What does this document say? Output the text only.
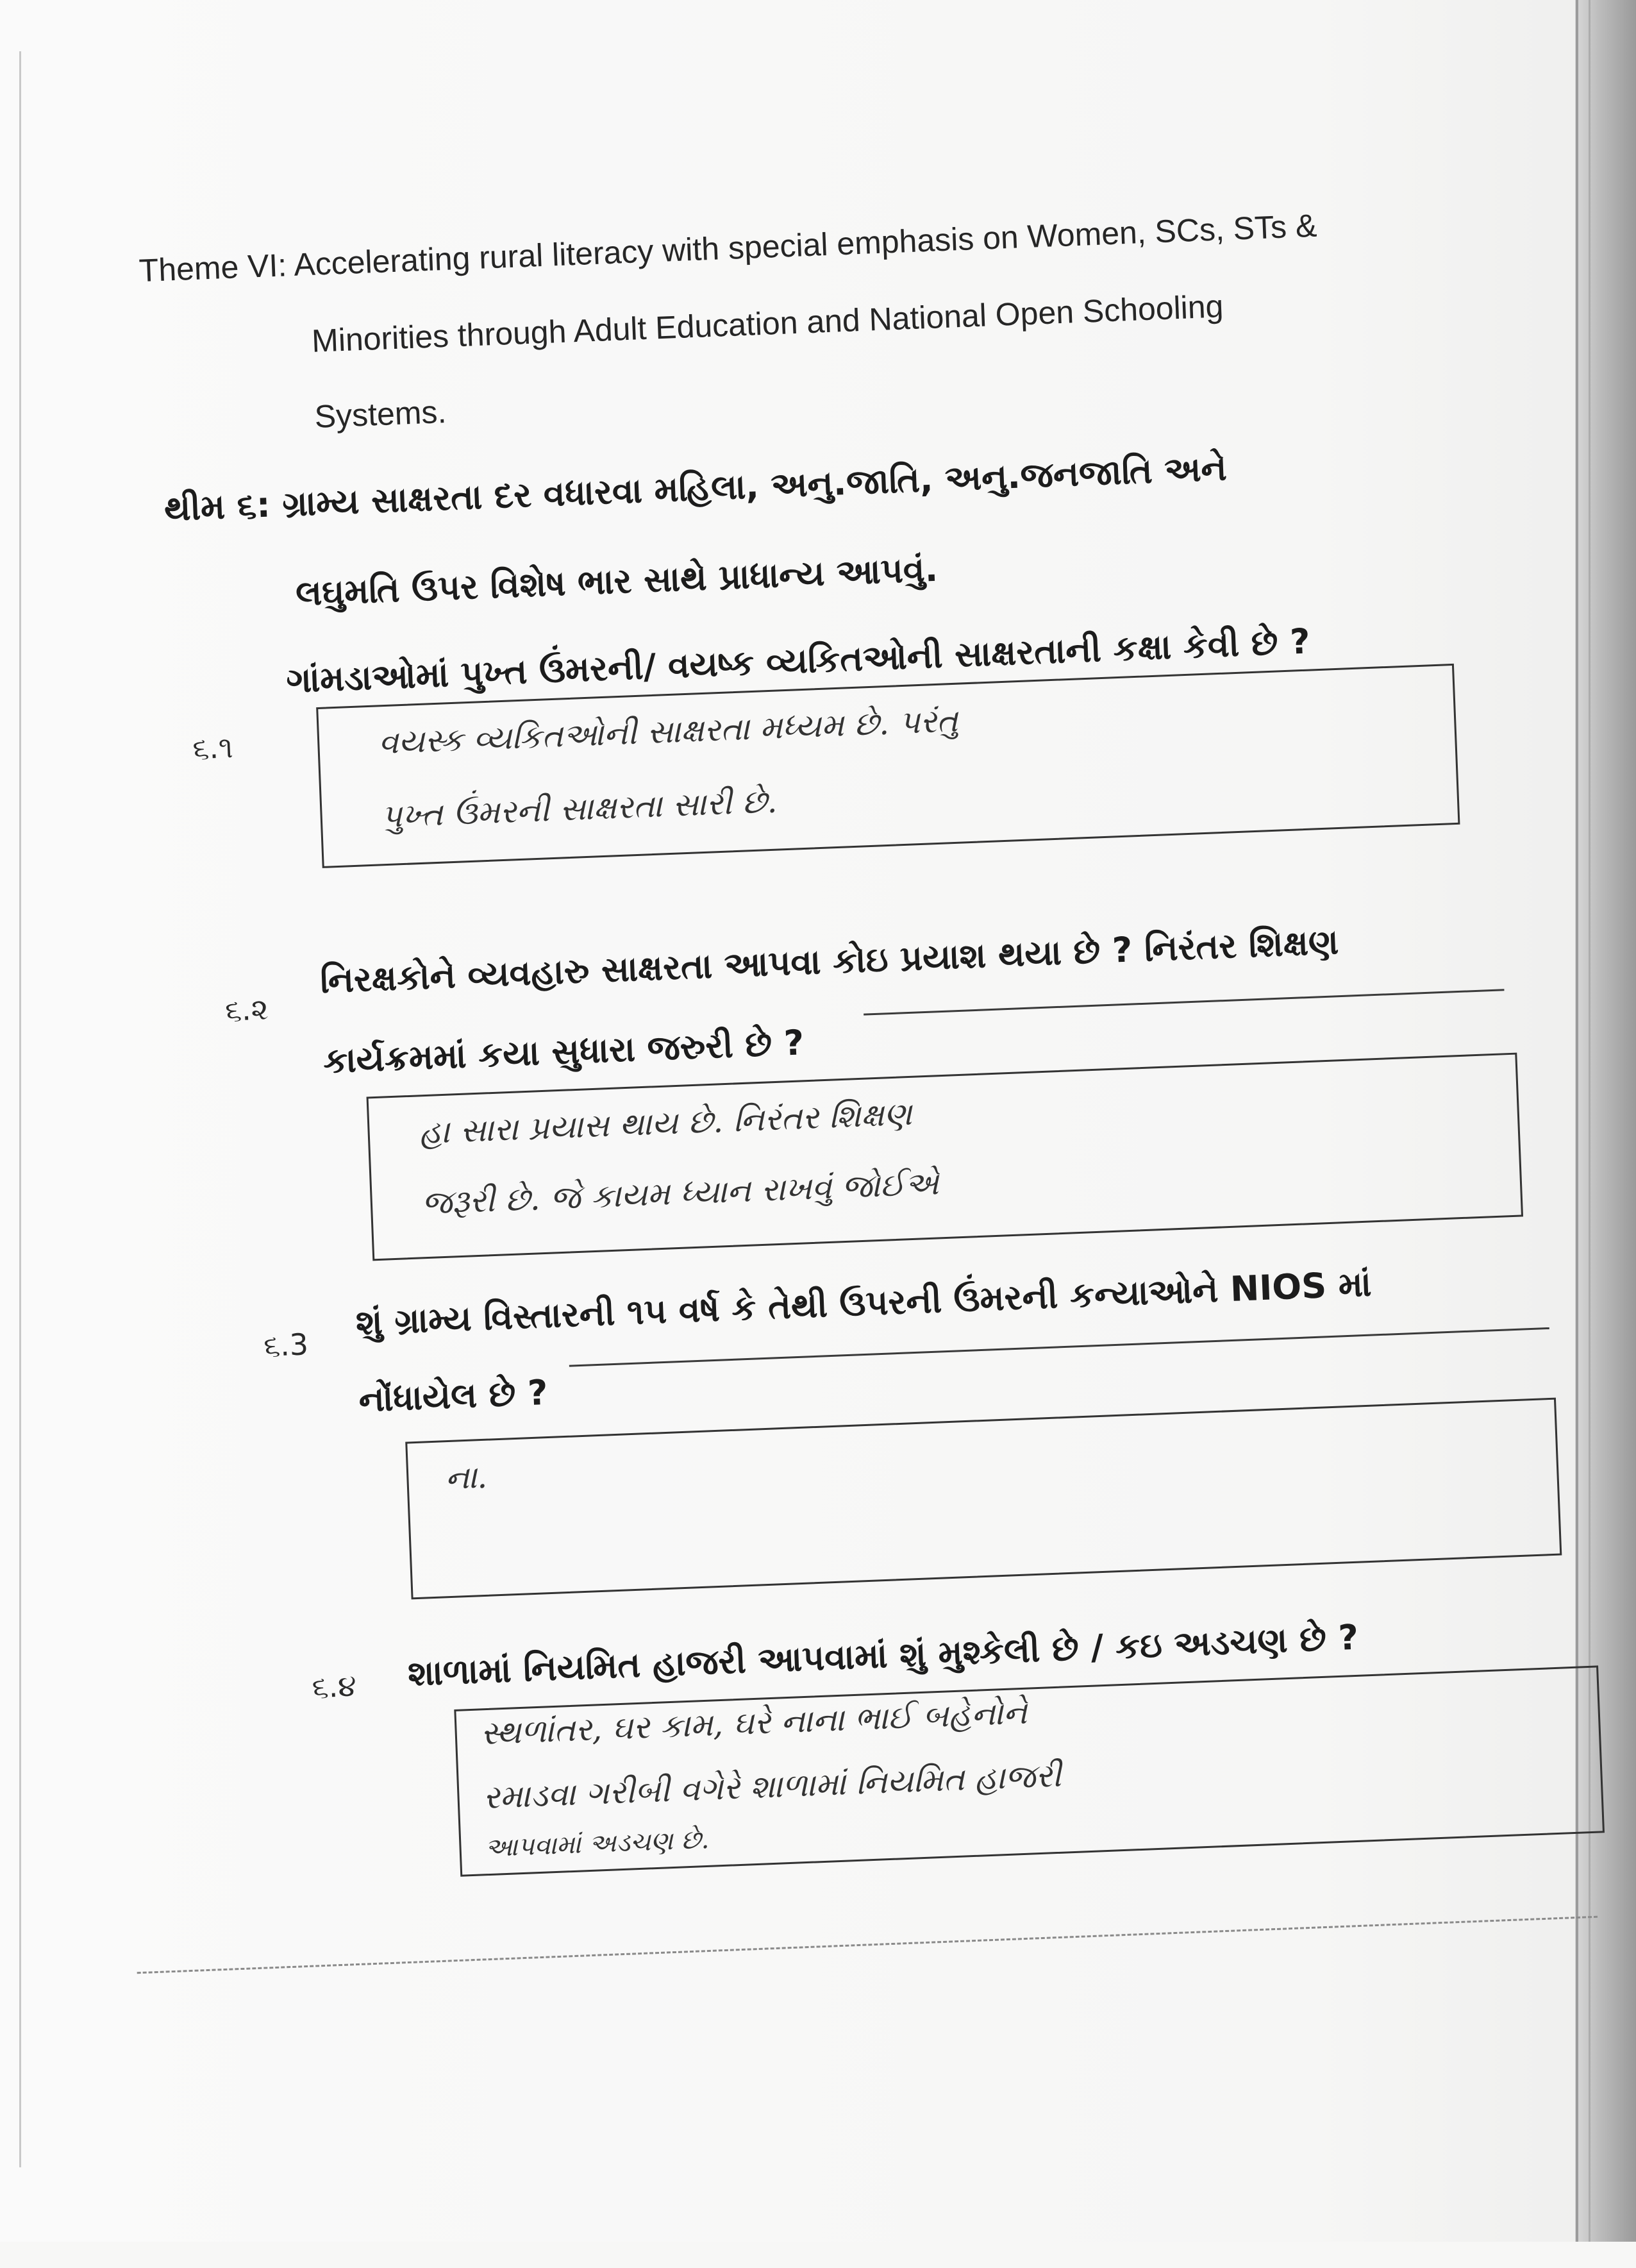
Theme VI: Accelerating rural literacy with special emphasis on Women, SCs, STs &
Minorities through Adult Education and National Open Schooling
Systems.
થીમ ૬: ગ્રામ્ય સાક્ષરતા દર વધારવા મહિલા, અનુ.જાતિ, અનુ.જનજાતિ અને
લઘુમતિ ઉપર વિશેષ ભાર સાથે પ્રાધાન્ય આપવું.
૬.૧
ગાંમડાઓમાં પુખ્ત ઉંમરની/ વયષ્ક વ્યકિતઓની સાક્ષરતાની કક્ષા કેવી છે ?
વયસ્ક વ્યકિતઓની સાક્ષરતા મધ્યમ છે. પરંતુ
પુખ્ત ઉંમરની સાક્ષરતા સારી છે.
૬.૨
નિરક્ષકોને વ્યવહારુ સાક્ષરતા આપવા કોઇ પ્રયાશ થયા છે ? નિરંતર શિક્ષણ
કાર્યક્રમમાં કયા સુધારા જરુરી છે ?
હા સારા પ્રયાસ થાય છે. નિરંતર શિક્ષણ
જરૂરી છે. જે કાયમ ધ્યાન રાખવું જોઈએ
૬.3
શું ગ્રામ્ય વિસ્તારની ૧૫ વર્ષ કે તેથી ઉપરની ઉંમરની કન્યાઓને NIOS માં
નોંધાયેલ છે ?
ના.
૬.૪ શાળામાં નિયમિત હાજરી આપવામાં શું મુશ્કેલી છે / કઇ અડચણ છે ?
સ્થળાંતર, ઘર કામ, ઘરે નાના ભાઈ બહેનોને
રમાડવા ગરીબી વગેરે શાળામાં નિયમિત હાજરી
આપવામાં અડચણ છે.
